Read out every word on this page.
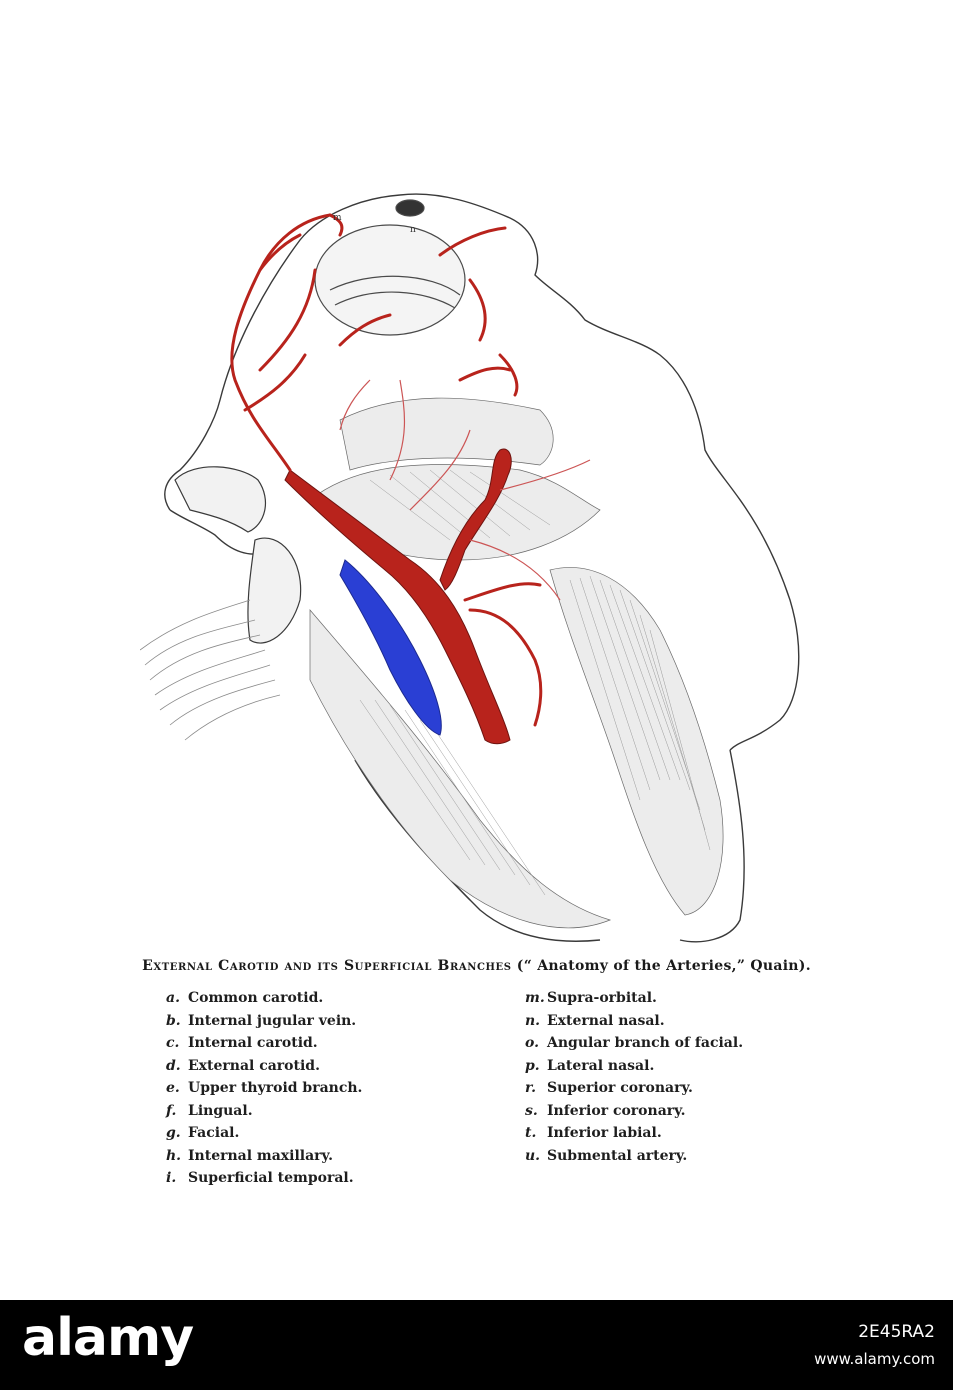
m
n
External Carotid and its Superficial Branches (“ Anatomy of the Arteries,” Quain).
a. Common carotid.
b. Internal jugular vein.
c. Internal carotid.
d. External carotid.
e. Upper thyroid branch.
f. Lingual.
g. Facial.
h. Internal maxillary.
i. Superficial temporal.
m. Supra-orbital.
n. External nasal.
o. Angular branch of facial.
p. Lateral nasal.
r. Superior coronary.
s. Inferior coronary.
t. Inferior labial.
u. Submental artery.
alamy	2E45RA2
www.alamy.com
